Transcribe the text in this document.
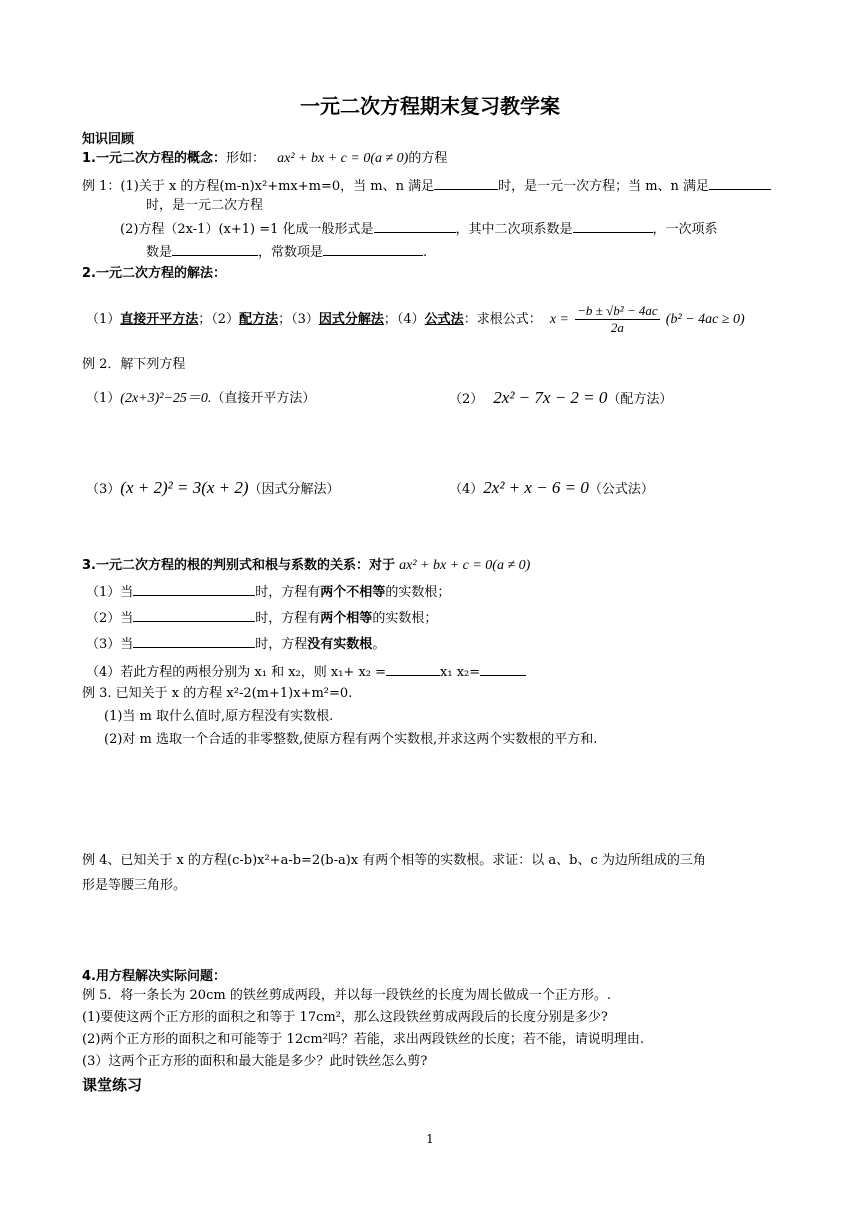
一元二次方程期末复习教学案
知识回顾
1.一元二次方程的概念：形如： ax² + bx + c = 0(a ≠ 0)的方程
例 1：(1)关于 x 的方程(m-n)x²+mx+m=0，当 m、n 满足	时，是一元一次方程；当 m、n 满足
时，是一元二次方程
(2)方程（2x-1）(x+1) =1 化成一般形式是	，其中二次项系数是	，一次项系
数是	，常数项是	.
2.一元二次方程的解法：
（1）直接开平方法；（2）配方法；（3）因式分解法；（4）公式法：求根公式： $x = \frac{\text{−b ± √b² − 4ac}}{2a} (b^2 - 4ac \ge 0)$
例 2．解下列方程
（1）(2x+3)²−25＝0.（直接开平方法）	（2） 2x² − 7x − 2 = 0（配方法）
（3）(x + 2)² = 3(x + 2)（因式分解法）	（4）2x² + x − 6 = 0（公式法）
3.一元二次方程的根的判别式和根与系数的关系：对于 ax² + bx + c = 0(a ≠ 0)
（1）当	时，方程有两个不相等的实数根；
（2）当	时，方程有两个相等的实数根；
（3）当	时，方程没有实数根。
（4）若此方程的两根分别为 x₁ 和 x₂，则 x₁+ x₂ =	x₁ x₂=
例 3. 已知关于 x 的方程 x²-2(m+1)x+m²=0.
(1)当 m 取什么值时,原方程没有实数根.
(2)对 m 选取一个合适的非零整数,使原方程有两个实数根,并求这两个实数根的平方和.
例 4、已知关于 x 的方程(c-b)x²+a-b=2(b-a)x 有两个相等的实数根。求证：以 a、b、c 为边所组成的三角
形是等腰三角形。
4.用方程解决实际问题：
例 5．将一条长为 20cm 的铁丝剪成两段，并以每一段铁丝的长度为周长做成一个正方形。.
(1)要使这两个正方形的面积之和等于 17cm²，那么这段铁丝剪成两段后的长度分别是多少?
(2)两个正方形的面积之和可能等于 12cm²吗？若能，求出两段铁丝的长度；若不能，请说明理由.
(3）这两个正方形的面积和最大能是多少？此时铁丝怎么剪?
课堂练习
1
